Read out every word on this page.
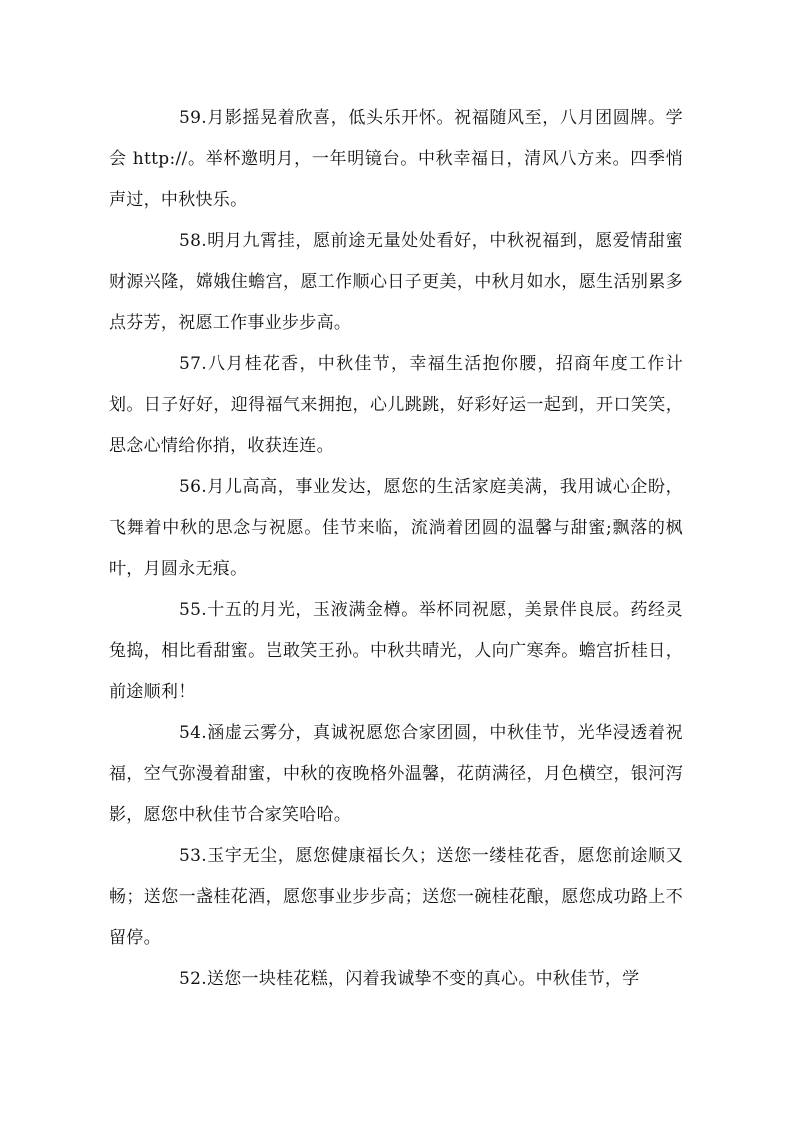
59.月影摇晃着欣喜，低头乐开怀。祝福随风至，八月团圆牌。学会 http://。举杯邀明月，一年明镜台。中秋幸福日，清风八方来。四季悄声过，中秋快乐。

58.明月九霄挂，愿前途无量处处看好，中秋祝福到，愿爱情甜蜜财源兴隆，嫦娥住蟾宫，愿工作顺心日子更美，中秋月如水，愿生活别累多点芬芳，祝愿工作事业步步高。

57.八月桂花香，中秋佳节，幸福生活抱你腰，招商年度工作计划。日子好好，迎得福气来拥抱，心儿跳跳，好彩好运一起到，开口笑笑，思念心情给你捎，收获连连。

56.月儿高高，事业发达，愿您的生活家庭美满，我用诚心企盼，飞舞着中秋的思念与祝愿。佳节来临，流淌着团圆的温馨与甜蜜;飘落的枫叶，月圆永无痕。

55.十五的月光，玉液满金樽。举杯同祝愿，美景伴良辰。药经灵兔捣，相比看甜蜜。岂敢笑王孙。中秋共晴光，人向广寒奔。蟾宫折桂日，前途顺利！

54.涵虚云雾分，真诚祝愿您合家团圆，中秋佳节，光华浸透着祝福，空气弥漫着甜蜜，中秋的夜晚格外温馨，花荫满径，月色横空，银河泻影，愿您中秋佳节合家笑哈哈。

53.玉宇无尘，愿您健康福长久；送您一缕桂花香，愿您前途顺又畅；送您一盏桂花酒，愿您事业步步高；送您一碗桂花酿，愿您成功路上不留停。

52.送您一块桂花糕，闪着我诚挚不变的真心。中秋佳节，学
